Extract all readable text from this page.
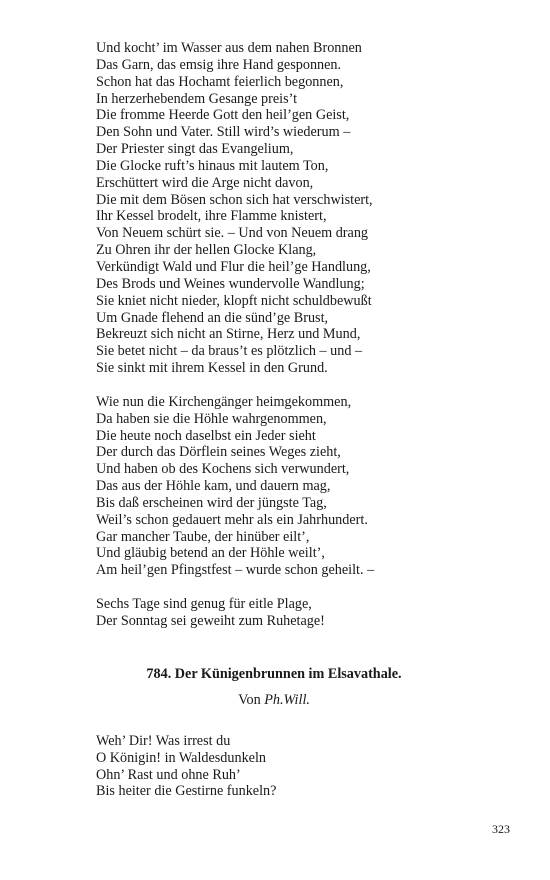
Und kocht’ im Wasser aus dem nahen Bronnen
Das Garn, das emsig ihre Hand gesponnen.
Schon hat das Hochamt feierlich begonnen,
In herzerhebendem Gesange preis’t
Die fromme Heerde Gott den heil’gen Geist,
Den Sohn und Vater. Still wird’s wiederum –
Der Priester singt das Evangelium,
Die Glocke ruft’s hinaus mit lautem Ton,
Erschüttert wird die Arge nicht davon,
Die mit dem Bösen schon sich hat verschwistert,
Ihr Kessel brodelt, ihre Flamme knistert,
Von Neuem schürt sie. – Und von Neuem drang
Zu Ohren ihr der hellen Glocke Klang,
Verkündigt Wald und Flur die heil’ge Handlung,
Des Brods und Weines wundervolle Wandlung;
Sie kniet nicht nieder, klopft nicht schuldbewußt
Um Gnade flehend an die sünd’ge Brust,
Bekreuzt sich nicht an Stirne, Herz und Mund,
Sie betet nicht – da braus’t es plötzlich – und –
Sie sinkt mit ihrem Kessel in den Grund.
Wie nun die Kirchengänger heimgekommen,
Da haben sie die Höhle wahrgenommen,
Die heute noch daselbst ein Jeder sieht
Der durch das Dörflein seines Weges zieht,
Und haben ob des Kochens sich verwundert,
Das aus der Höhle kam, und dauern mag,
Bis daß erscheinen wird der jüngste Tag,
Weil’s schon gedauert mehr als ein Jahrhundert.
Gar mancher Taube, der hinüber eilt’,
Und gläubig betend an der Höhle weilt’,
Am heil’gen Pfingstfest – wurde schon geheilt. –
Sechs Tage sind genug für eitle Plage,
Der Sonntag sei geweiht zum Ruhetage!
784. Der Künigenbrunnen im Elsavathale.
Von Ph.Will.
Weh’ Dir! Was irrest du
O Königin! in Waldesdunkeln
Ohn’ Rast und ohne Ruh’
Bis heiter die Gestirne funkeln?
323
